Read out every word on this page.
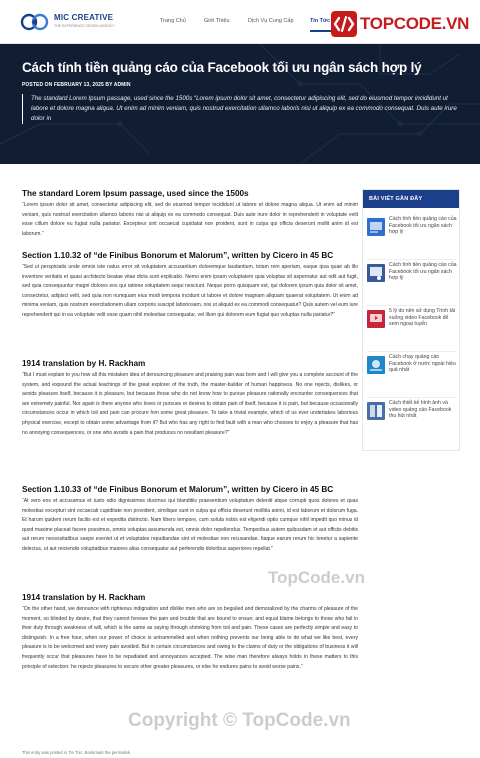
MIC CREATIVE
THE EXPERIENCE DESIGN AGENCY
Trang Chủ	Giới Thiệu	Dịch Vụ Cung Cấp	Tin Tức TOPCODE.VN
Cách tính tiền quảng cáo của Facebook tối ưu ngân sách hợp lý
POSTED ON FEBRUARY 13, 2025 BY ADMIN
The standard Lorem Ipsum passage, used since the 1500s “Lorem ipsum dolor sit amet, consectetur adipiscing elit, sed do eiusmod tempor incididunt ut labore et dolore magna aliqua. Ut enim ad minim veniam, quis nostrud exercitation ullamco laboris nisi ut aliquip ex ea commodo consequat. Duis aute irure dolor in
The standard Lorem Ipsum passage, used since the 1500s
“Lorem ipsum dolor sit amet, consectetur adipiscing elit, sed do eiusmod tempor incididunt ut labore et dolore magna aliqua. Ut enim ad minim veniam, quis nostrud exercitation ullamco laboris nisi ut aliquip ex ea commodo consequat. Duis aute irure dolor in reprehenderit in voluptate velit esse cillum dolore eu fugiat nulla pariatur. Excepteur sint occaecat cupidatat non proident, sunt in culpa qui officia deserunt mollit anim id est laborum.”
Section 1.10.32 of “de Finibus Bonorum et Malorum”, written by Cicero in 45 BC
“Sed ut perspiciatis unde omnis iste natus error sit voluptatem accusantium doloremque laudantium, totam rem aperiam, eaque ipsa quae ab illo inventore veritatis et quasi architecto beatae vitae dicta sunt explicabo. Nemo enim ipsam voluptatem quia voluptas sit aspernatur aut odit aut fugit, sed quia consequuntur magni dolores eos qui ratione voluptatem sequi nesciunt. Neque porro quisquam est, qui dolorem ipsum quia dolor sit amet, consectetur, adipisci velit, sed quia non numquam eius modi tempora incidunt ut labore et dolore magnam aliquam quaerat voluptatem. Ut enim ad minima veniam, quis nostrum exercitationem ullam corporis suscipit laboriosam, nisi ut aliquid ex ea commodi consequatur? Quis autem vel eum iure reprehenderit qui in ea voluptate velit esse quam nihil molestiae consequatur, vel illum qui dolorem eum fugiat quo voluptas nulla pariatur?”
1914 translation by H. Rackham
“But I must explain to you how all this mistaken idea of denouncing pleasure and praising pain was born and I will give you a complete account of the system, and expound the actual teachings of the great explorer of the truth, the master-builder of human happiness. No one rejects, dislikes, or avoids pleasure itself, because it is pleasure, but because those who do not know how to pursue pleasure rationally encounter consequences that are extremely painful. Nor again is there anyone who loves or pursues or desires to obtain pain of itself, because it is pain, but because occasionally circumstances occur in which toil and pain can procure him some great pleasure. To take a trivial example, which of us ever undertakes laborious physical exercise, except to obtain some advantage from it? But who has any right to find fault with a man who chooses to enjoy a pleasure that has no annoying consequences, or one who avoids a pain that produces no resultant pleasure?”
Section 1.10.33 of “de Finibus Bonorum et Malorum”, written by Cicero in 45 BC
“At vero eos et accusamus et iusto odio dignissimos ducimus qui blanditiis praesentium voluptatum deleniti atque corrupti quos dolores et quas molestias excepturi sint occaecati cupiditate non provident, similique sunt in culpa qui officia deserunt mollitia animi, id est laborum et dolorum fuga. Et harum quidem rerum facilis est et expedita distinctio. Nam libero tempore, cum soluta nobis est eligendi optio cumque nihil impedit quo minus id quod maxime placeat facere possimus, omnis voluptas assumenda est, omnis dolor repellendus. Temporibus autem quibusdam et aut officiis debitis aut rerum necessitatibus saepe eveniet ut et voluptates repudiandae sint et molestiae non recusandae. Itaque earum rerum hic tenetur a sapiente delectus, ut aut reiciendis voluptatibus maiores alias consequatur aut perferendis doloribus asperiores repellat.”
1914 translation by H. Rackham
“On the other hand, we denounce with righteous indignation and dislike men who are so beguiled and demoralized by the charms of pleasure of the moment, so blinded by desire, that they cannot foresee the pain and trouble that are bound to ensue; and equal blame belongs to those who fail in their duty through weakness of will, which is the same as saying through shrinking from toil and pain. These cases are perfectly simple and easy to distinguish. In a free hour, when our power of choice is untrammelled and when nothing prevents our being able to do what we like best, every pleasure is to be welcomed and every pain avoided. But in certain circumstances and owing to the claims of duty or the obligations of business it will frequently occur that pleasures have to be repudiated and annoyances accepted. The wise man therefore always holds in these matters to this principle of selection: he rejects pleasures to secure other greater pleasures, or else he endures pains to avoid worse pains.”
BÀI VIẾT GẦN ĐÂY
Cách tính tiền quảng cáo của Facebook tối ưu ngân sách hợp lý
Cách tính tiền quảng cáo của Facebook tối ưu ngân sách hợp lý
5 lý do nên sử dụng Trình tải xuống video Facebook để xem ngoại tuyến
Cách chạy quảng cáo Facebook ở nước ngoài hiệu quả nhất
Cách thiết kế hình ảnh và video quảng cáo Facebook thu hút nhất
This entry was posted in Tin Tức. Bookmark the permalink.
TopCode.vn
Copyright © TopCode.vn
